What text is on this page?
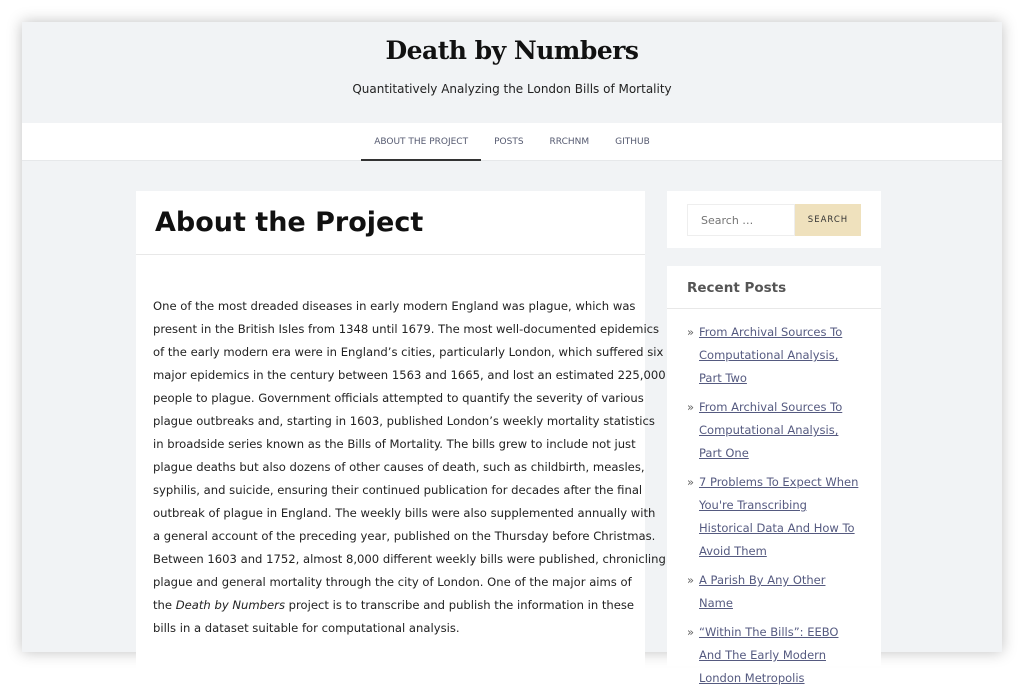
Death by Numbers
Quantitatively Analyzing the London Bills of Mortality
ABOUT THE PROJECT	POSTS	RRCHNM	GITHUB
About the Project
One of the most dreaded diseases in early modern England was plague, which was
present in the British Isles from 1348 until 1679. The most well-documented epidemics
of the early modern era were in England’s cities, particularly London, which suffered six
major epidemics in the century between 1563 and 1665, and lost an estimated 225,000
people to plague. Government officials attempted to quantify the severity of various
plague outbreaks and, starting in 1603, published London’s weekly mortality statistics
in broadside series known as the Bills of Mortality. The bills grew to include not just
plague deaths but also dozens of other causes of death, such as childbirth, measles,
syphilis, and suicide, ensuring their continued publication for decades after the final
outbreak of plague in England. The weekly bills were also supplemented annually with
a general account of the preceding year, published on the Thursday before Christmas.
Between 1603 and 1752, almost 8,000 different weekly bills were published, chronicling
plague and general mortality through the city of London. One of the major aims of
the Death by Numbers project is to transcribe and publish the information in these
bills in a dataset suitable for computational analysis.
Search …
SEARCH
Recent Posts
» From Archival Sources To Computational Analysis, Part Two
» From Archival Sources To Computational Analysis, Part One
» 7 Problems To Expect When You're Transcribing Historical Data And How To Avoid Them
» A Parish By Any Other Name
» “Within The Bills”: EEBO And The Early Modern London Metropolis
